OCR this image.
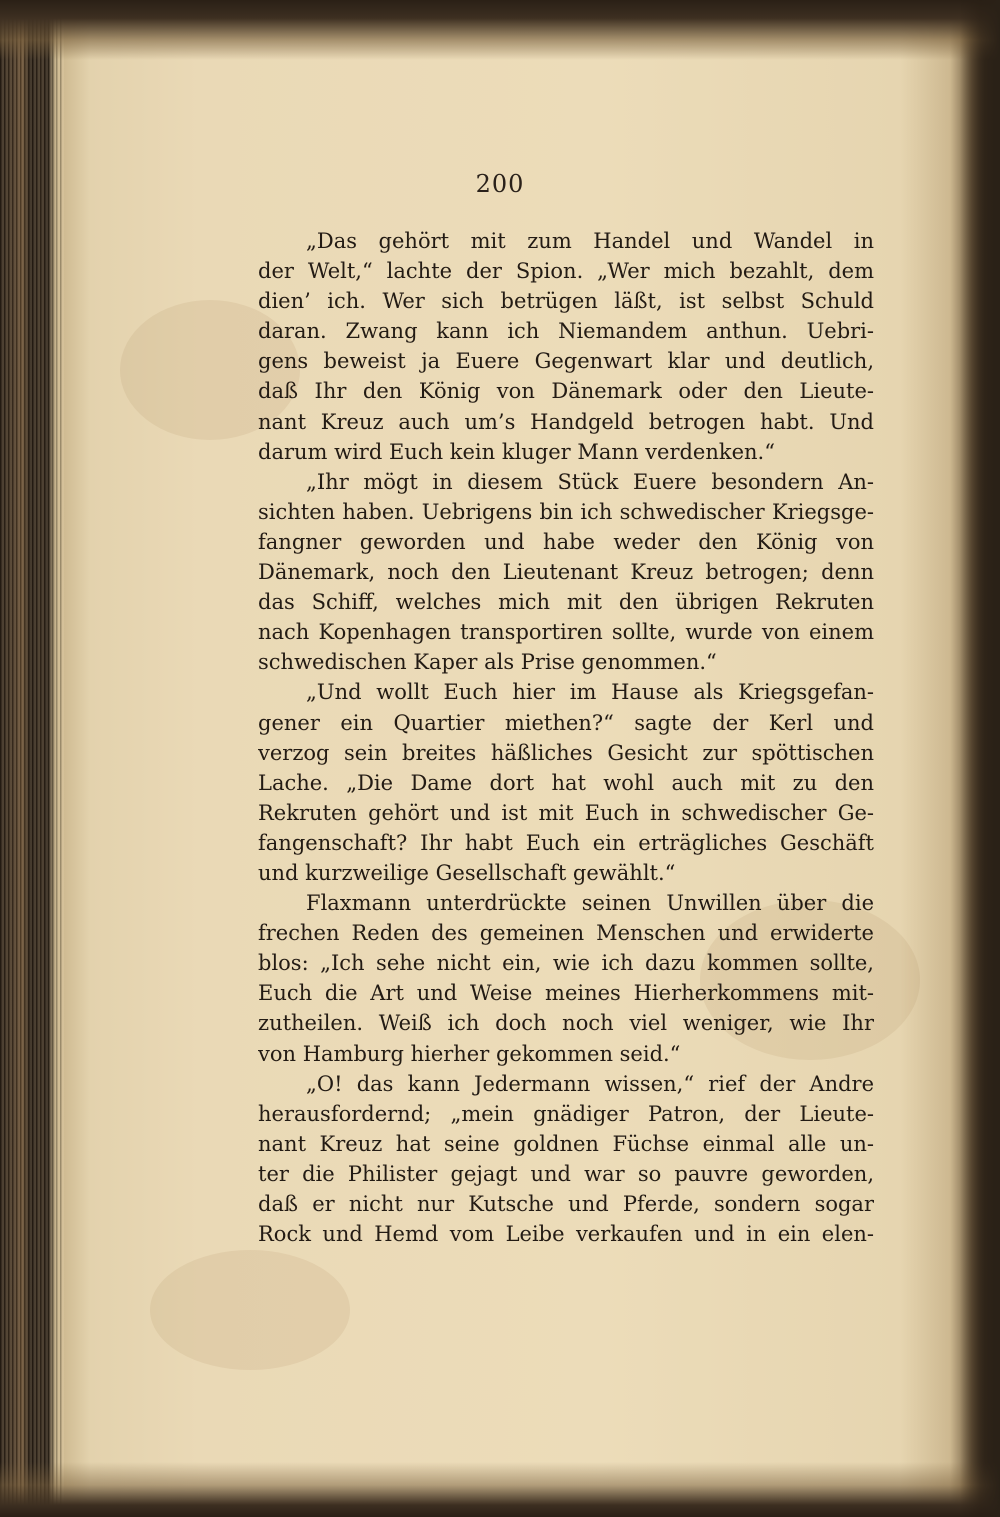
200
„Das gehört mit zum Handel und Wandel in
der Welt,“ lachte der Spion. „Wer mich bezahlt, dem
dien’ ich. Wer sich betrügen läßt, ist selbst Schuld
daran. Zwang kann ich Niemandem anthun. Uebri-
gens beweist ja Euere Gegenwart klar und deutlich,
daß Ihr den König von Dänemark oder den Lieute-
nant Kreuz auch um’s Handgeld betrogen habt. Und
darum wird Euch kein kluger Mann verdenken.“
„Ihr mögt in diesem Stück Euere besondern An-
sichten haben. Uebrigens bin ich schwedischer Kriegsge-
fangner geworden und habe weder den König von
Dänemark, noch den Lieutenant Kreuz betrogen; denn
das Schiff, welches mich mit den übrigen Rekruten
nach Kopenhagen transportiren sollte, wurde von einem
schwedischen Kaper als Prise genommen.“
„Und wollt Euch hier im Hause als Kriegsgefan-
gener ein Quartier miethen?“ sagte der Kerl und
verzog sein breites häßliches Gesicht zur spöttischen
Lache. „Die Dame dort hat wohl auch mit zu den
Rekruten gehört und ist mit Euch in schwedischer Ge-
fangenschaft? Ihr habt Euch ein erträgliches Geschäft
und kurzweilige Gesellschaft gewählt.“
Flaxmann unterdrückte seinen Unwillen über die
frechen Reden des gemeinen Menschen und erwiderte
blos: „Ich sehe nicht ein, wie ich dazu kommen sollte,
Euch die Art und Weise meines Hierherkommens mit-
zutheilen. Weiß ich doch noch viel weniger, wie Ihr
von Hamburg hierher gekommen seid.“
„O! das kann Jedermann wissen,“ rief der Andre
herausfordernd; „mein gnädiger Patron, der Lieute-
nant Kreuz hat seine goldnen Füchse einmal alle un-
ter die Philister gejagt und war so pauvre geworden,
daß er nicht nur Kutsche und Pferde, sondern sogar
Rock und Hemd vom Leibe verkaufen und in ein elen-
